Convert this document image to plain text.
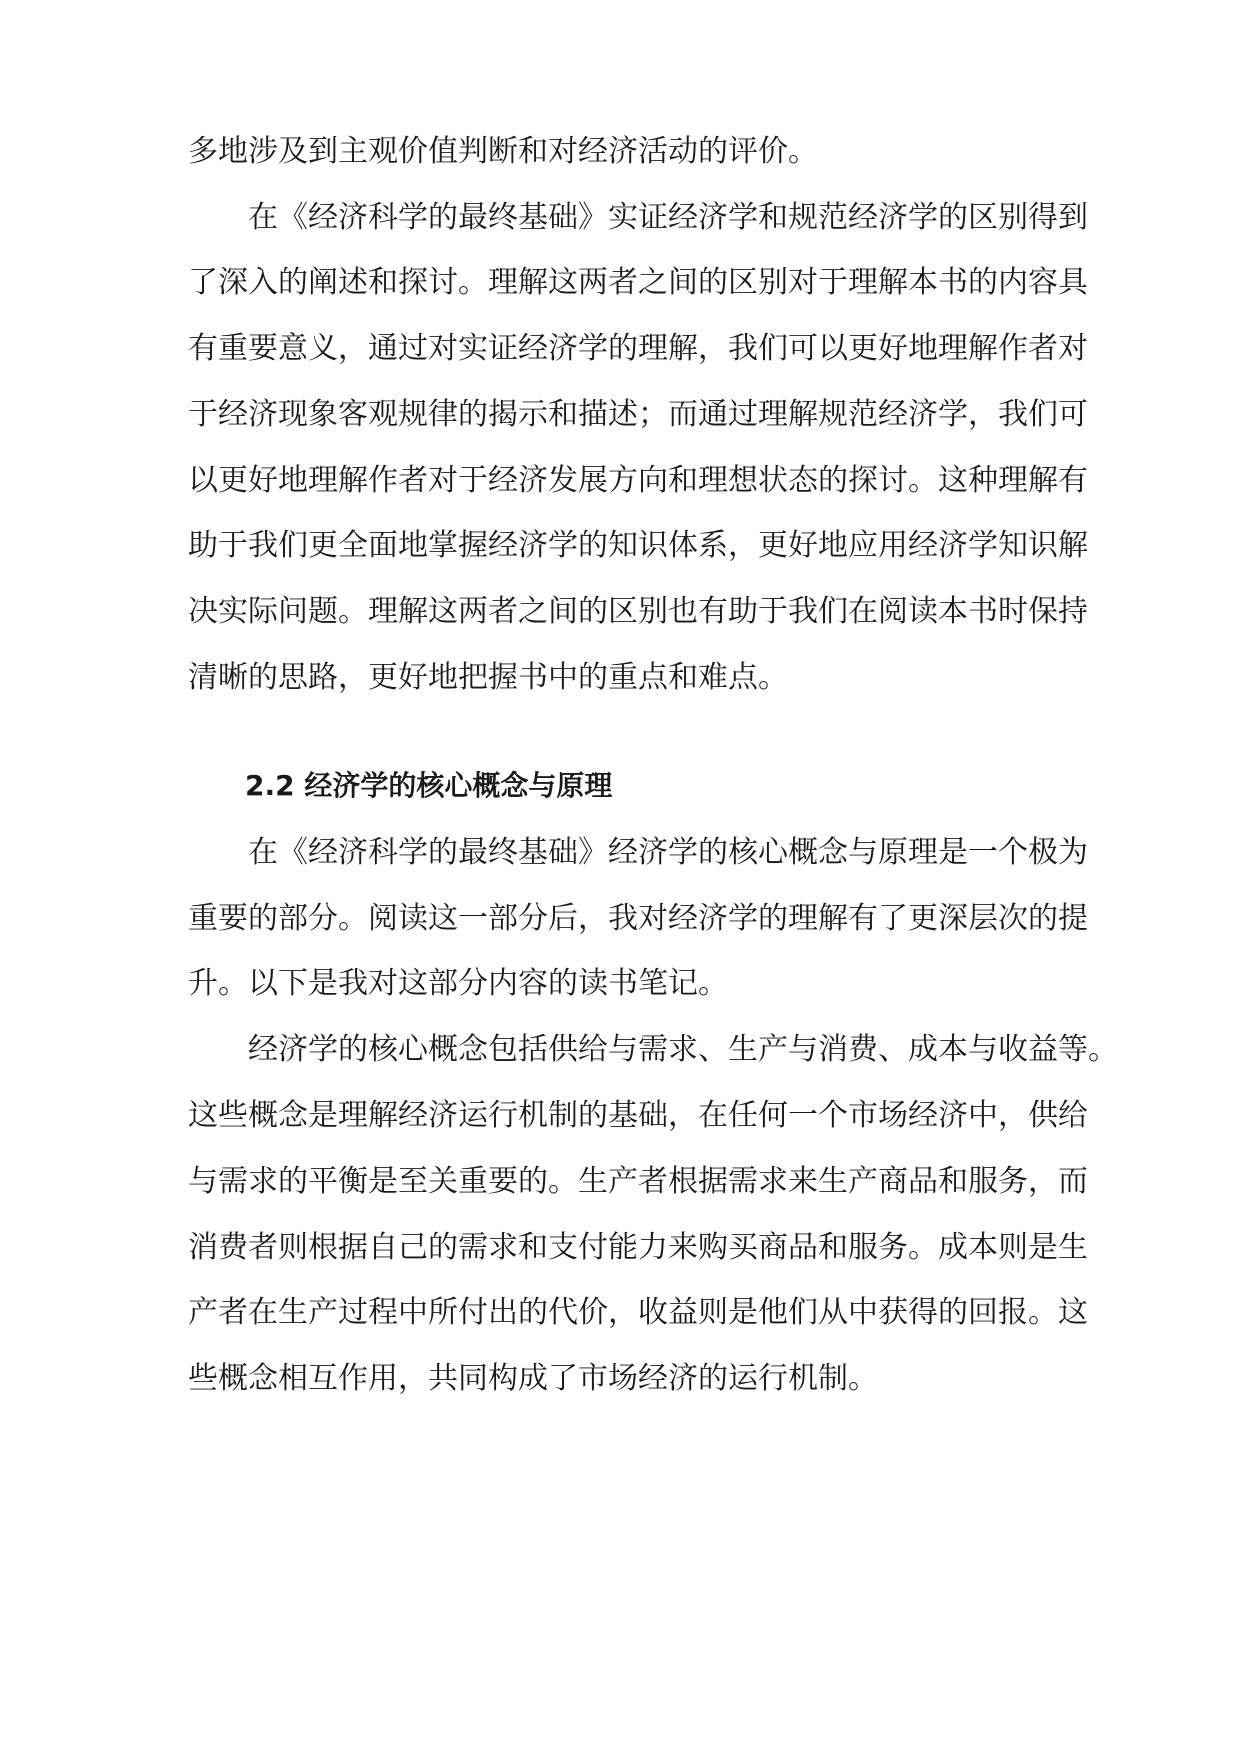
多地涉及到主观价值判断和对经济活动的评价。
在《经济科学的最终基础》实证经济学和规范经济学的区别得到
了深入的阐述和探讨。理解这两者之间的区别对于理解本书的内容具
有重要意义，通过对实证经济学的理解，我们可以更好地理解作者对
于经济现象客观规律的揭示和描述；而通过理解规范经济学，我们可
以更好地理解作者对于经济发展方向和理想状态的探讨。这种理解有
助于我们更全面地掌握经济学的知识体系，更好地应用经济学知识解
决实际问题。理解这两者之间的区别也有助于我们在阅读本书时保持
清晰的思路，更好地把握书中的重点和难点。
2.2 经济学的核心概念与原理
在《经济科学的最终基础》经济学的核心概念与原理是一个极为
重要的部分。阅读这一部分后，我对经济学的理解有了更深层次的提
升。以下是我对这部分内容的读书笔记。
经济学的核心概念包括供给与需求、生产与消费、成本与收益等。
这些概念是理解经济运行机制的基础，在任何一个市场经济中，供给
与需求的平衡是至关重要的。生产者根据需求来生产商品和服务，而
消费者则根据自己的需求和支付能力来购买商品和服务。成本则是生
产者在生产过程中所付出的代价，收益则是他们从中获得的回报。这
些概念相互作用，共同构成了市场经济的运行机制。
